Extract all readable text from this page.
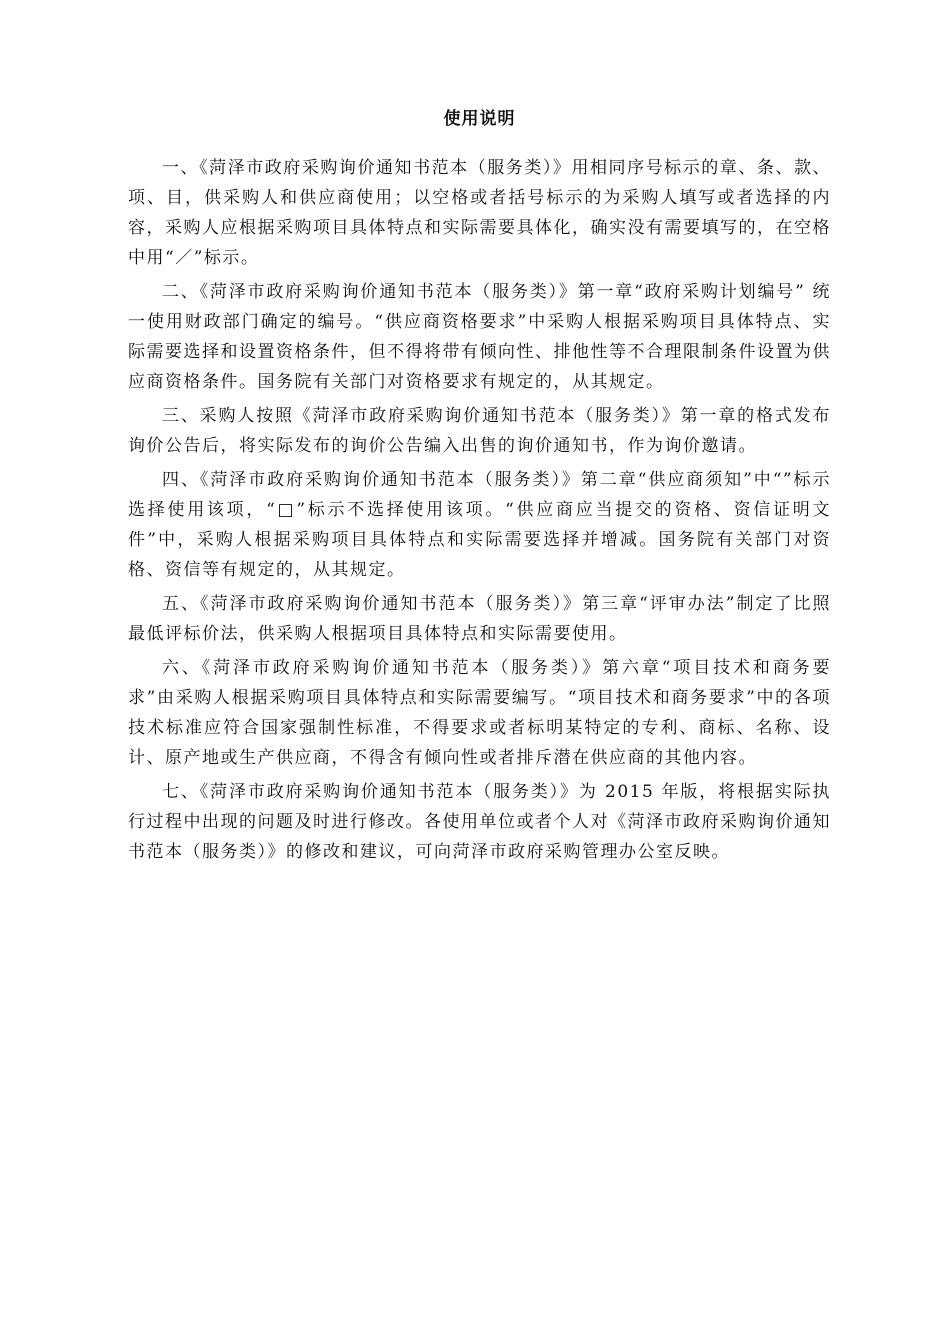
使用说明

一、《菏泽市政府采购询价通知书范本（服务类）》用相同序号标示的章、条、款、项、目，供采购人和供应商使用；以空格或者括号标示的为采购人填写或者选择的内容，采购人应根据采购项目具体特点和实际需要具体化，确实没有需要填写的，在空格中用“／”标示。

二、《菏泽市政府采购询价通知书范本（服务类）》第一章“政府采购计划编号” 统一使用财政部门确定的编号。“供应商资格要求”中采购人根据采购项目具体特点、实际需要选择和设置资格条件，但不得将带有倾向性、排他性等不合理限制条件设置为供应商资格条件。国务院有关部门对资格要求有规定的，从其规定。

三、采购人按照《菏泽市政府采购询价通知书范本（服务类）》第一章的格式发布询价公告后，将实际发布的询价公告编入出售的询价通知书，作为询价邀请。

四、《菏泽市政府采购询价通知书范本（服务类）》第二章“供应商须知”中“”标示选择使用该项，“□”标示不选择使用该项。“供应商应当提交的资格、资信证明文件”中，采购人根据采购项目具体特点和实际需要选择并增减。国务院有关部门对资格、资信等有规定的，从其规定。

五、《菏泽市政府采购询价通知书范本（服务类）》第三章“评审办法”制定了比照最低评标价法，供采购人根据项目具体特点和实际需要使用。

六、《菏泽市政府采购询价通知书范本（服务类）》第六章“项目技术和商务要求”由采购人根据采购项目具体特点和实际需要编写。“项目技术和商务要求”中的各项技术标准应符合国家强制性标准，不得要求或者标明某特定的专利、商标、名称、设计、原产地或生产供应商，不得含有倾向性或者排斥潜在供应商的其他内容。

七、《菏泽市政府采购询价通知书范本（服务类）》为 2015 年版，将根据实际执行过程中出现的问题及时进行修改。各使用单位或者个人对《菏泽市政府采购询价通知书范本（服务类）》的修改和建议，可向菏泽市政府采购管理办公室反映。
